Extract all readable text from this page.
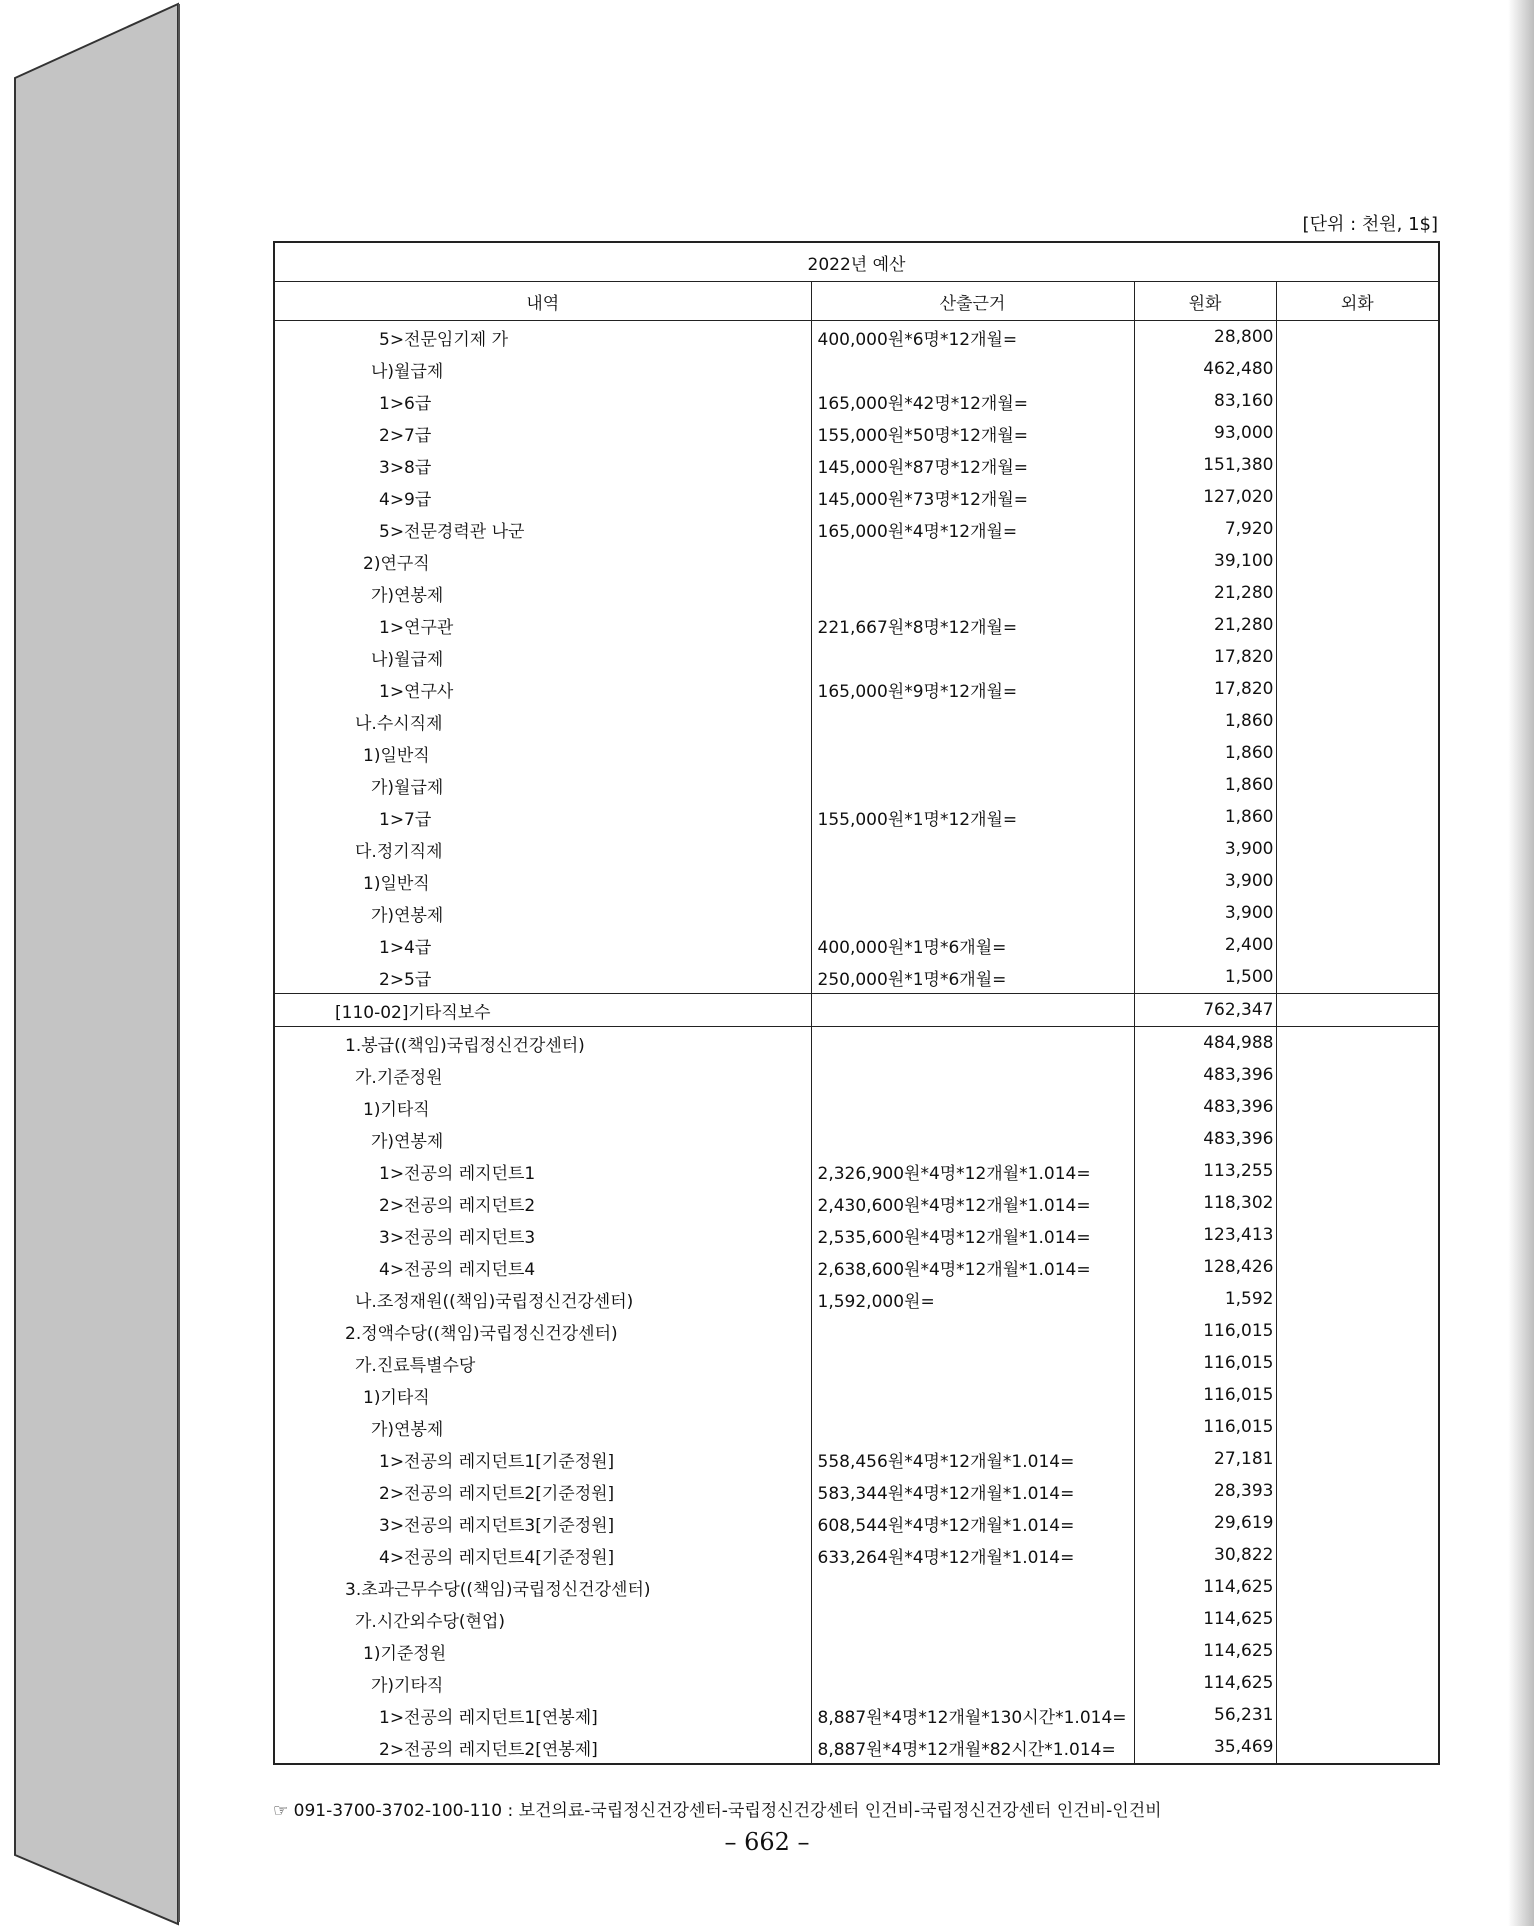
[단위 : 천원, 1$]
2022년 예산			
내역	산출근거	원화	외화
5>전문임기제 가	400,000원*6명*12개월=	28,800	
나)월급제		462,480	
1>6급	165,000원*42명*12개월=	83,160	
2>7급	155,000원*50명*12개월=	93,000	
3>8급	145,000원*87명*12개월=	151,380	
4>9급	145,000원*73명*12개월=	127,020	
5>전문경력관 나군	165,000원*4명*12개월=	7,920	
2)연구직		39,100	
가)연봉제		21,280	
1>연구관	221,667원*8명*12개월=	21,280	
나)월급제		17,820	
1>연구사	165,000원*9명*12개월=	17,820	
나.수시직제		1,860	
1)일반직		1,860	
가)월급제		1,860	
1>7급	155,000원*1명*12개월=	1,860	
다.정기직제		3,900	
1)일반직		3,900	
가)연봉제		3,900	
1>4급	400,000원*1명*6개월=	2,400	
2>5급	250,000원*1명*6개월=	1,500	
[110-02]기타직보수		762,347	
1.봉급((책임)국립정신건강센터)		484,988	
가.기준정원		483,396	
1)기타직		483,396	
가)연봉제		483,396	
1>전공의 레지던트1	2,326,900원*4명*12개월*1.014=	113,255	
2>전공의 레지던트2	2,430,600원*4명*12개월*1.014=	118,302	
3>전공의 레지던트3	2,535,600원*4명*12개월*1.014=	123,413	
4>전공의 레지던트4	2,638,600원*4명*12개월*1.014=	128,426	
나.조정재원((책임)국립정신건강센터)	1,592,000원=	1,592	
2.정액수당((책임)국립정신건강센터)		116,015	
가.진료특별수당		116,015	
1)기타직		116,015	
가)연봉제		116,015	
1>전공의 레지던트1[기준정원]	558,456원*4명*12개월*1.014=	27,181	
2>전공의 레지던트2[기준정원]	583,344원*4명*12개월*1.014=	28,393	
3>전공의 레지던트3[기준정원]	608,544원*4명*12개월*1.014=	29,619	
4>전공의 레지던트4[기준정원]	633,264원*4명*12개월*1.014=	30,822	
3.초과근무수당((책임)국립정신건강센터)		114,625	
가.시간외수당(현업)		114,625	
1)기준정원		114,625	
가)기타직		114,625	
1>전공의 레지던트1[연봉제]	8,887원*4명*12개월*130시간*1.014=	56,231	
2>전공의 레지던트2[연봉제]	8,887원*4명*12개월*82시간*1.014=	35,469	
☞ 091-3700-3702-100-110 : 보건의료-국립정신건강센터-국립정신건강센터 인건비-국립정신건강센터 인건비-인건비
– 662 –
